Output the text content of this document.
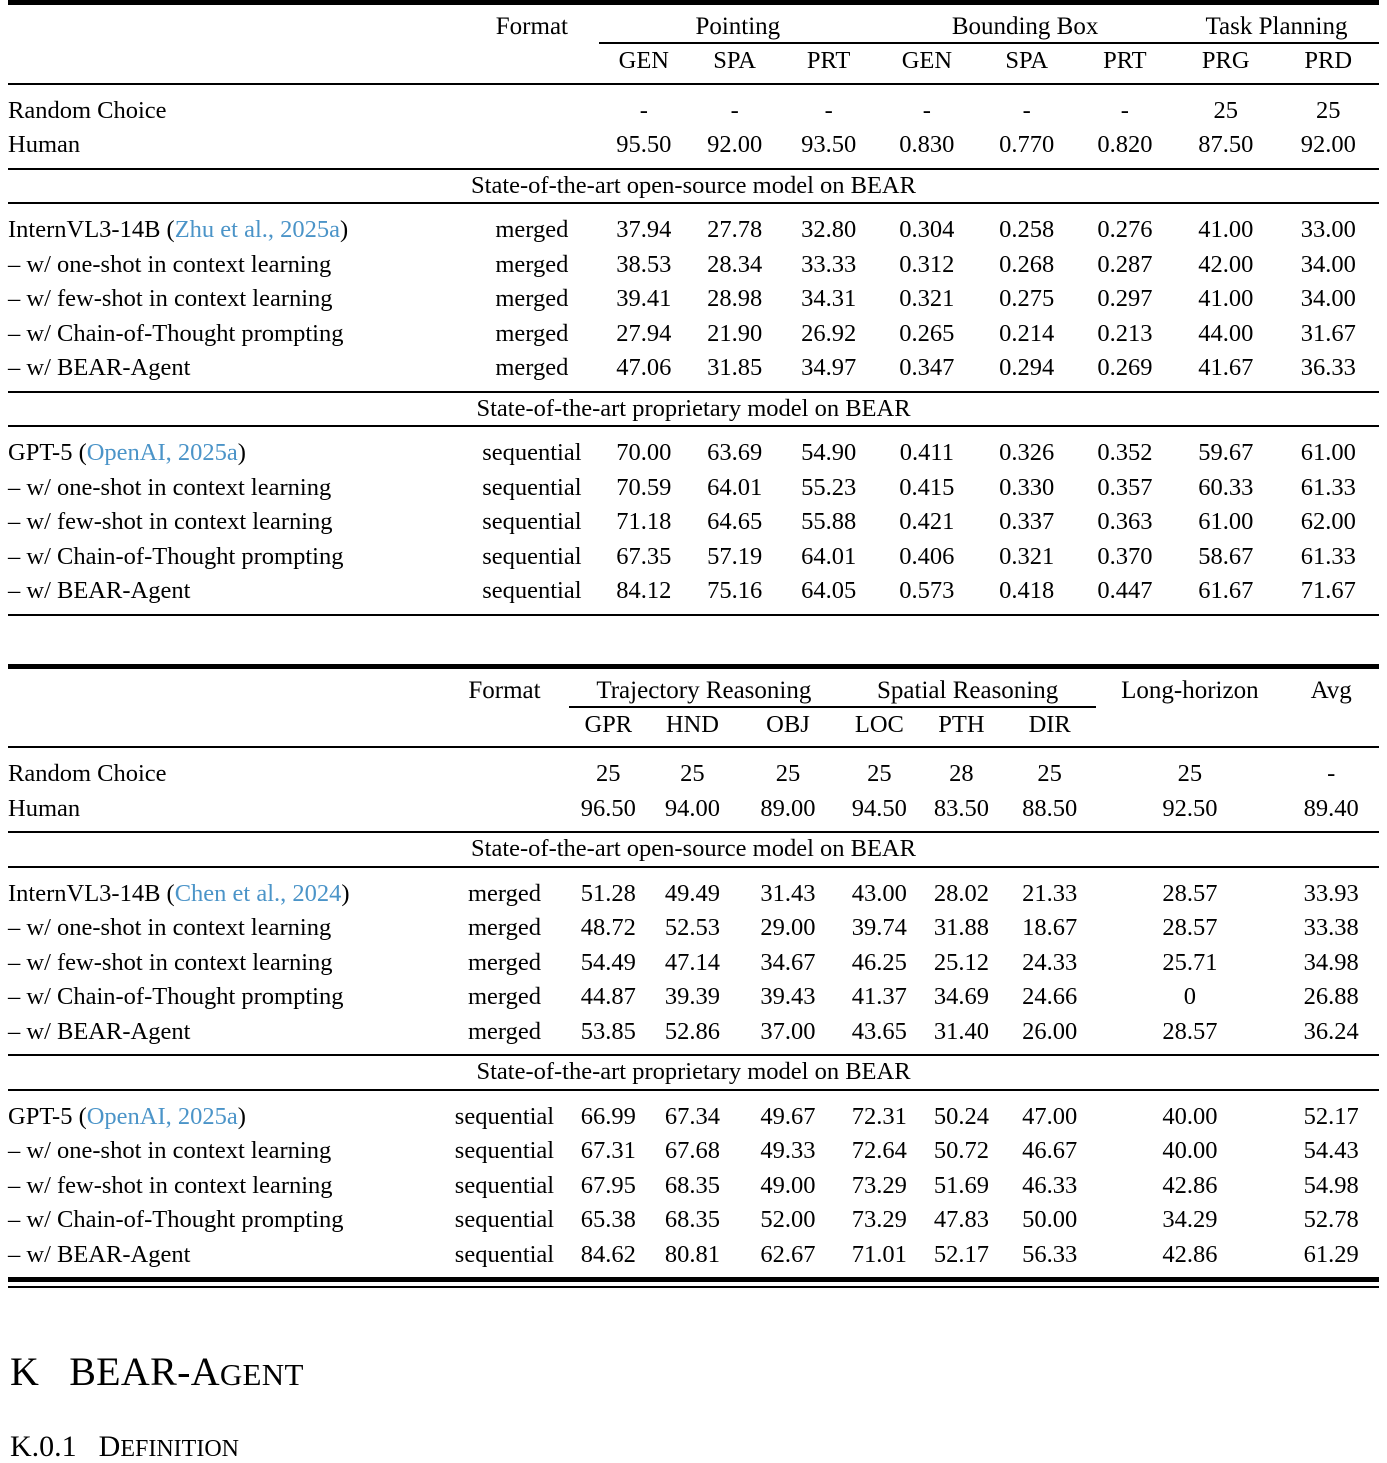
	Format	Pointing			Bounding Box			Task Planning	
		GEN	SPA	PRT	GEN	SPA	PRT	PRG	PRD

Random Choice		-	-	-	-	-	-	25	25
Human		95.50	92.00	93.50	0.830	0.770	0.820	87.50	92.00

State-of-the-art open-source model on BEAR									

InternVL3-14B (Zhu et al., 2025a)	merged	37.94	27.78	32.80	0.304	0.258	0.276	41.00	33.00
– w/ one-shot in context learning	merged	38.53	28.34	33.33	0.312	0.268	0.287	42.00	34.00
– w/ few-shot in context learning	merged	39.41	28.98	34.31	0.321	0.275	0.297	41.00	34.00
– w/ Chain-of-Thought prompting	merged	27.94	21.90	26.92	0.265	0.214	0.213	44.00	31.67
– w/ BEAR-Agent	merged	47.06	31.85	34.97	0.347	0.294	0.269	41.67	36.33

State-of-the-art proprietary model on BEAR									

GPT-5 (OpenAI, 2025a)	sequential	70.00	63.69	54.90	0.411	0.326	0.352	59.67	61.00
– w/ one-shot in context learning	sequential	70.59	64.01	55.23	0.415	0.330	0.357	60.33	61.33
– w/ few-shot in context learning	sequential	71.18	64.65	55.88	0.421	0.337	0.363	61.00	62.00
– w/ Chain-of-Thought prompting	sequential	67.35	57.19	64.01	0.406	0.321	0.370	58.67	61.33
– w/ BEAR-Agent	sequential	84.12	75.16	64.05	0.573	0.418	0.447	61.67	71.67

	Format	Trajectory Reasoning			Spatial Reasoning			Long-horizon	Avg
		GPR	HND	OBJ	LOC	PTH	DIR		

Random Choice		25	25	25	25	28	25	25	-
Human		96.50	94.00	89.00	94.50	83.50	88.50	92.50	89.40

State-of-the-art open-source model on BEAR									

InternVL3-14B (Chen et al., 2024)	merged	51.28	49.49	31.43	43.00	28.02	21.33	28.57	33.93
– w/ one-shot in context learning	merged	48.72	52.53	29.00	39.74	31.88	18.67	28.57	33.38
– w/ few-shot in context learning	merged	54.49	47.14	34.67	46.25	25.12	24.33	25.71	34.98
– w/ Chain-of-Thought prompting	merged	44.87	39.39	39.43	41.37	34.69	24.66	0	26.88
– w/ BEAR-Agent	merged	53.85	52.86	37.00	43.65	31.40	26.00	28.57	36.24

State-of-the-art proprietary model on BEAR									

GPT-5 (OpenAI, 2025a)	sequential	66.99	67.34	49.67	72.31	50.24	47.00	40.00	52.17
– w/ one-shot in context learning	sequential	67.31	67.68	49.33	72.64	50.72	46.67	40.00	54.43
– w/ few-shot in context learning	sequential	67.95	68.35	49.00	73.29	51.69	46.33	42.86	54.98
– w/ Chain-of-Thought prompting	sequential	65.38	68.35	52.00	73.29	47.83	50.00	34.29	52.78
– w/ BEAR-Agent	sequential	84.62	80.81	62.67	71.01	52.17	56.33	42.86	61.29

K BEAR-AGENT
K.0.1 DEFINITION
